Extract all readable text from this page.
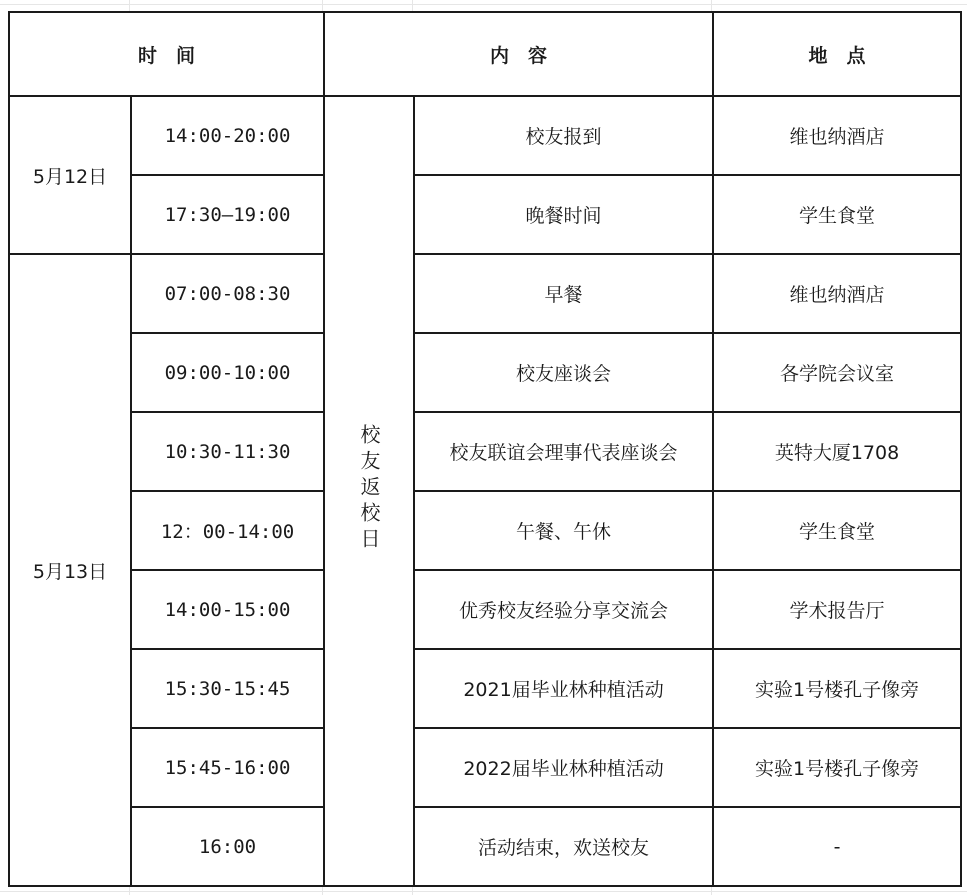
时　间		内　容		地　点
5月12日	14:00-20:00	校友返校日	校友报到	维也纳酒店
	17:30—19:00		晚餐时间	学生食堂
5月13日	07:00-08:30		早餐	维也纳酒店
	09:00-10:00		校友座谈会	各学院会议室
	10:30-11:30		校友联谊会理事代表座谈会	英特大厦1708
	12：00-14:00		午餐、午休	学生食堂
	14:00-15:00		优秀校友经验分享交流会	学术报告厅
	15:30-15:45		2021届毕业林种植活动	实验1号楼孔子像旁
	15:45-16:00		2022届毕业林种植活动	实验1号楼孔子像旁
	16:00		活动结束，欢送校友	-
